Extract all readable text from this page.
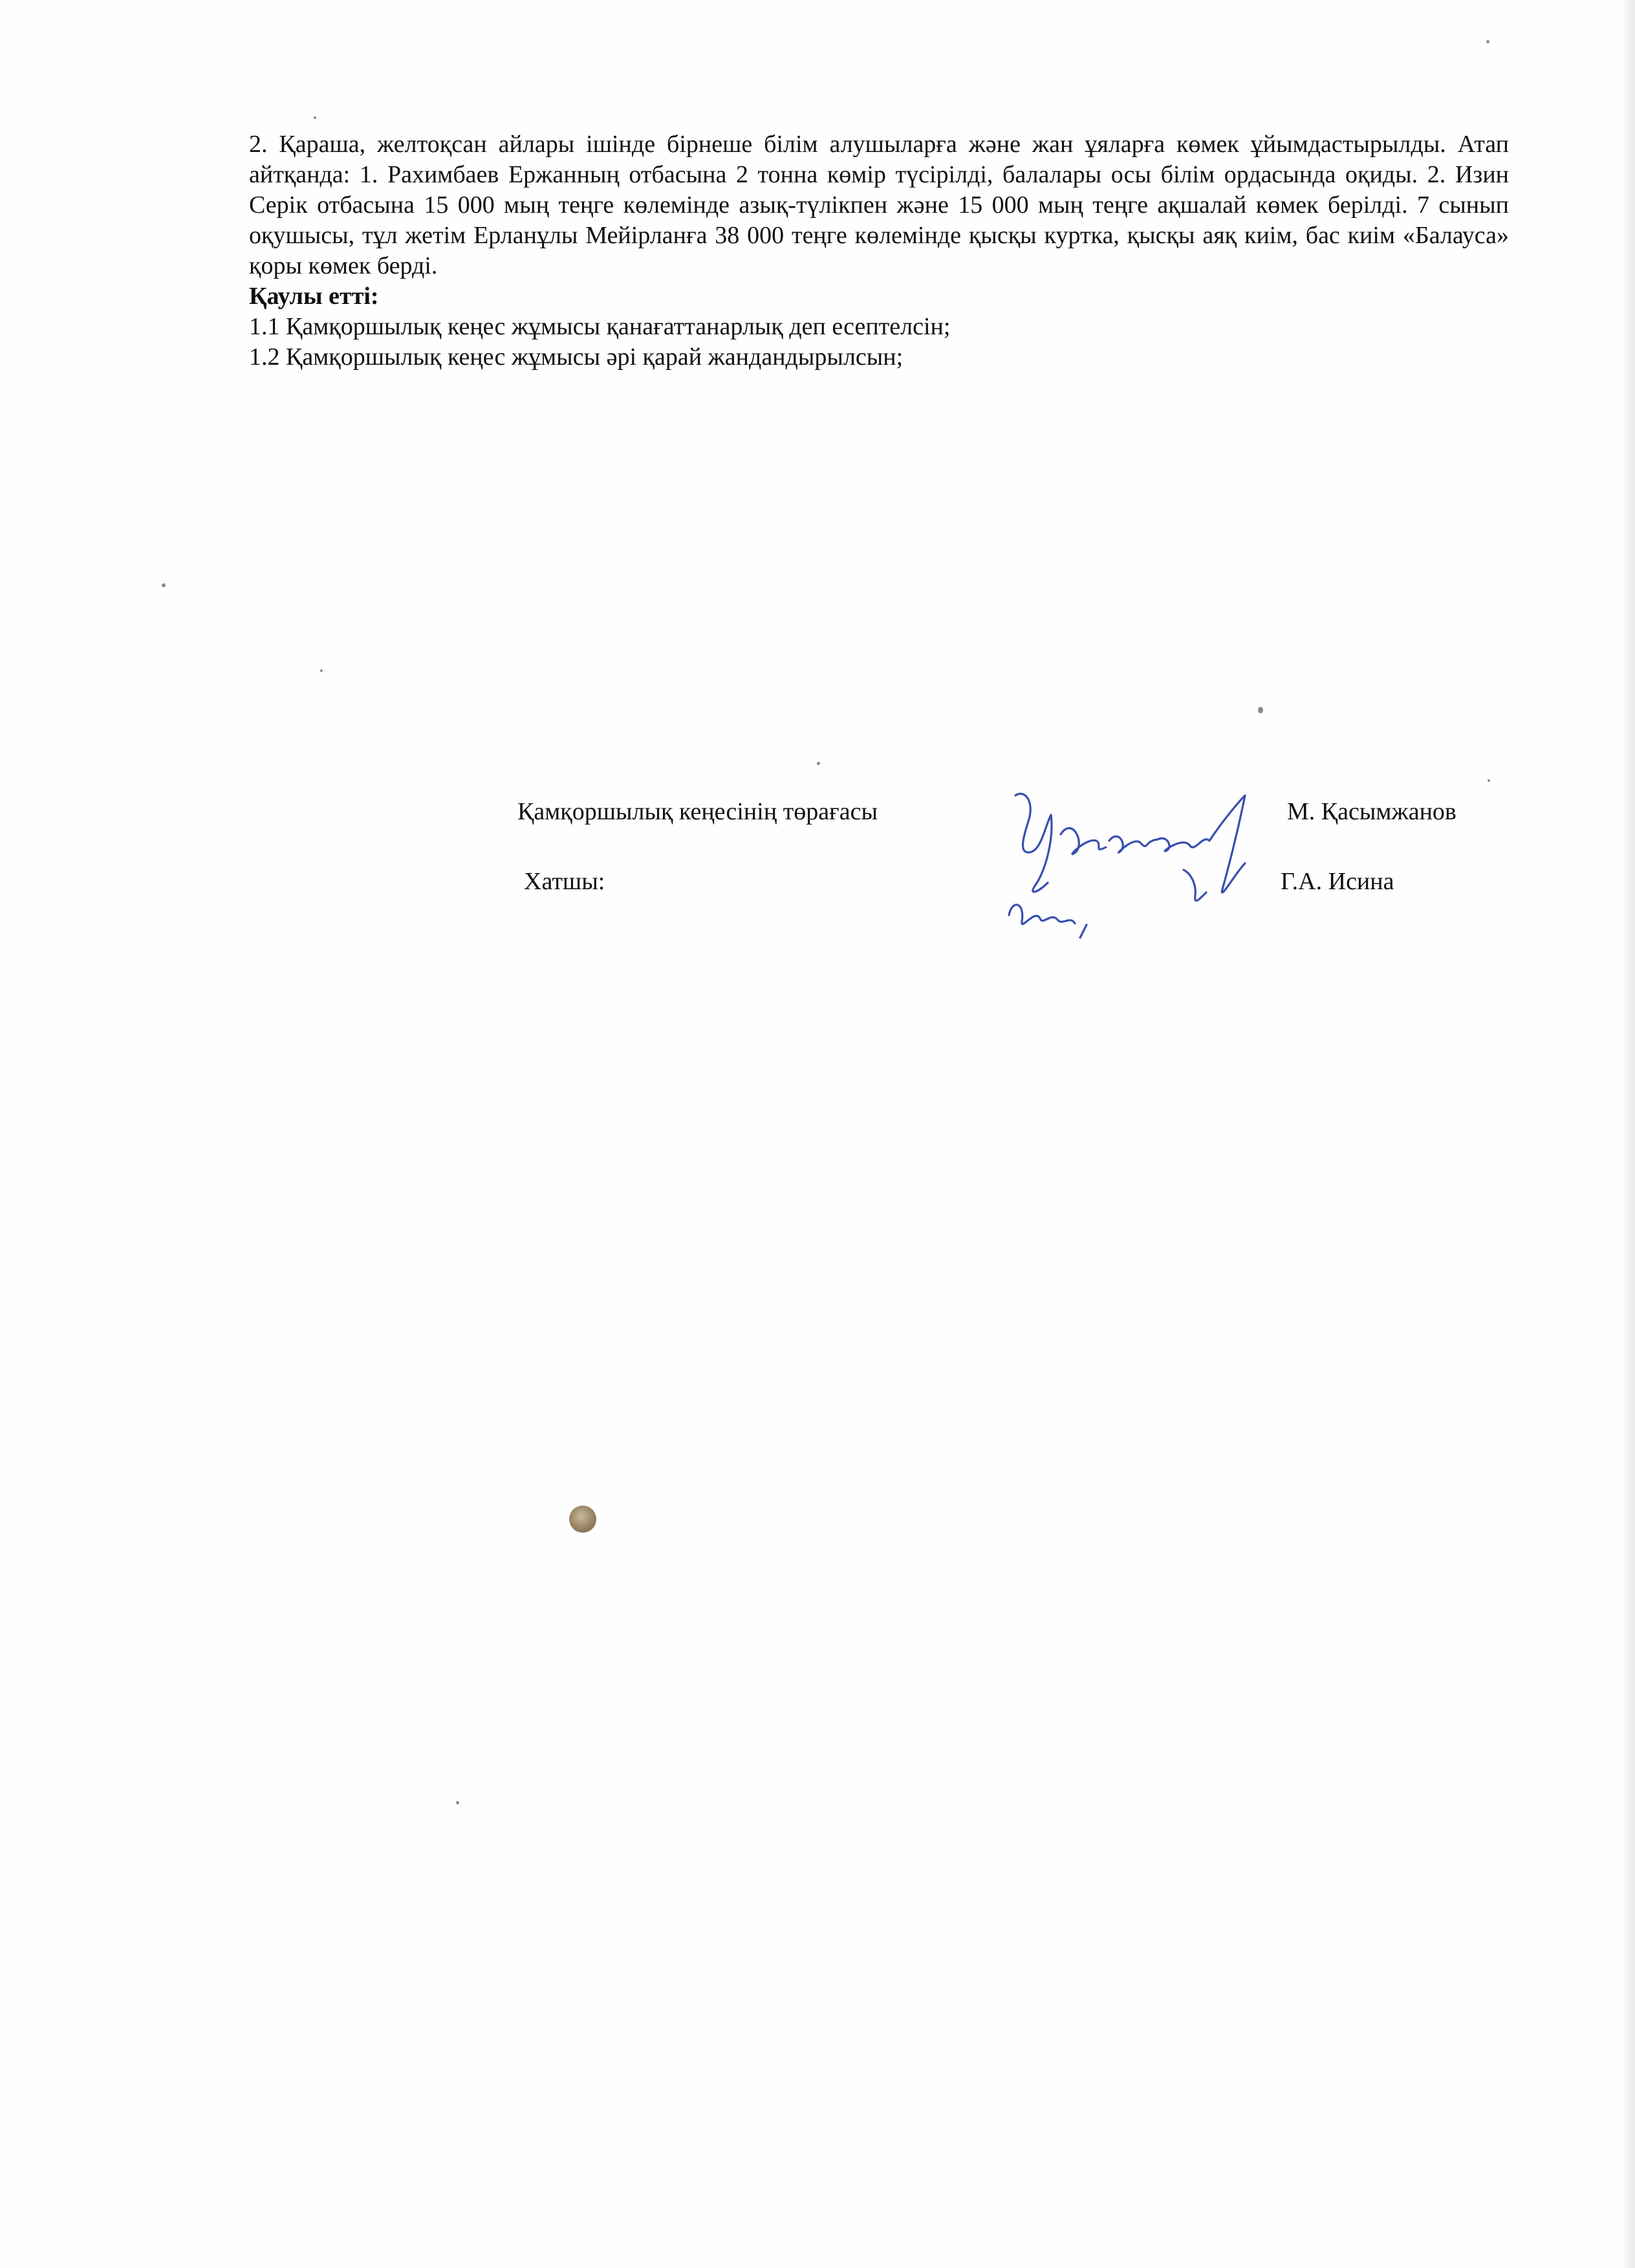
2. Қараша, желтоқсан айлары ішінде бірнеше білім алушыларға және жан ұяларға көмек ұйымдастырылды. Атап айтқанда: 1. Рахимбаев Ержанның отбасына 2 тонна көмір түсірілді, балалары осы білім ордасында оқиды. 2. Изин Серік отбасына 15 000 мың теңге көлемінде азық-түлікпен және 15 000 мың теңге ақшалай көмек берілді. 7 сынып оқушысы, тұл жетім Ерланұлы Мейірланға 38 000 теңге көлемінде қысқы куртка, қысқы аяқ киім, бас киім «Балауса» қоры көмек берді.

Қаулы етті:

1.1 Қамқоршылық кеңес жұмысы қанағаттанарлық деп есептелсін;

1.2 Қамқоршылық кеңес жұмысы әрі қарай жандандырылсын;

Қамқоршылық кеңесінің төрағасы	М. Қасымжанов
Хатшы:	Г.А. Исина
